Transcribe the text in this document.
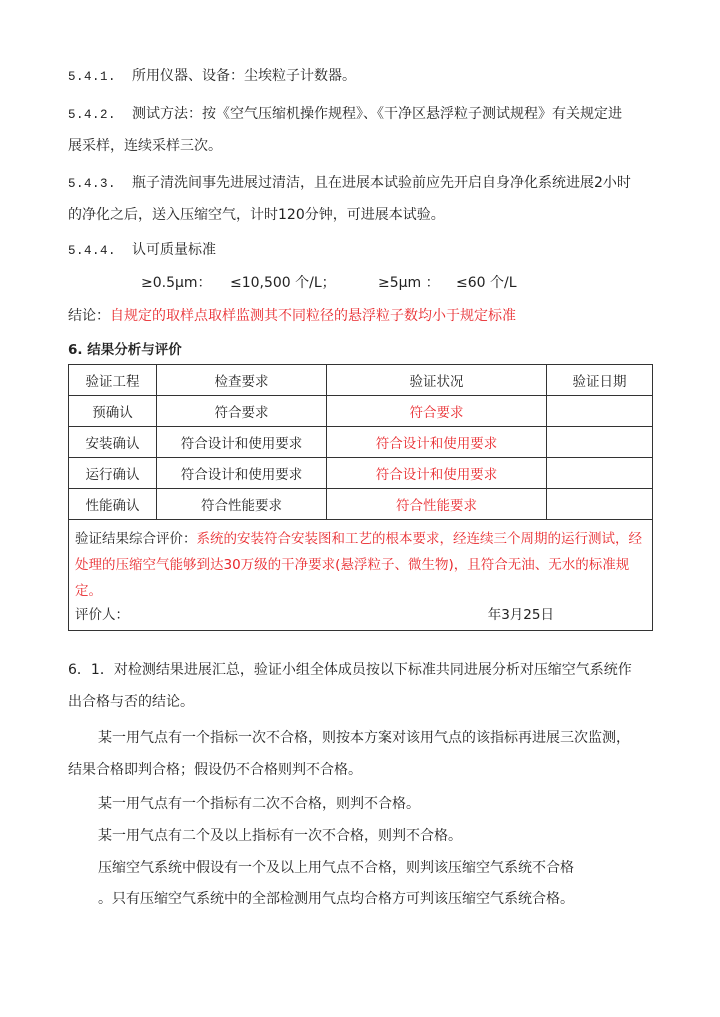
5.4.1. 所用仪器、设备：尘埃粒子计数器。
5.4.2. 测试方法：按《空气压缩机操作规程》、《干净区悬浮粒子测试规程》有关规定进
展采样，连续采样三次。
5.4.3. 瓶子清洗间事先进展过清洁，且在进展本试验前应先开启自身净化系统进展2小时
的净化之后，送入压缩空气，计时120分钟，可进展本试验。
5.4.4. 认可质量标准
≥0.5μm： ≤10,500 个/L；	≥5μm ： ≤60 个/L
结论：自规定的取样点取样监测其不同粒径的悬浮粒子数均小于规定标准
6. 结果分析与评价
验证工程	检查要求	验证状况	验证日期
预确认	符合要求	符合要求	
安装确认	符合设计和使用要求	符合设计和使用要求	
运行确认	符合设计和使用要求	符合设计和使用要求	
性能确认	符合性能要求	符合性能要求	

验证结果综合评价：系统的安装符合安装图和工艺的根本要求，经连续三个周期的运行测试，经处理的压缩空气能够到达30万级的干净要求(悬浮粒子、微生物)，且符合无油、无水的标准规定。
评价人： 年3月25日			
6．1．对检测结果进展汇总，验证小组全体成员按以下标准共同进展分析对压缩空气系统作
出合格与否的结论。
某一用气点有一个指标一次不合格，则按本方案对该用气点的该指标再进展三次监测，
结果合格即判合格；假设仍不合格则判不合格。
某一用气点有一个指标有二次不合格，则判不合格。
某一用气点有二个及以上指标有一次不合格，则判不合格。
压缩空气系统中假设有一个及以上用气点不合格，则判该压缩空气系统不合格
。只有压缩空气系统中的全部检测用气点均合格方可判该压缩空气系统合格。
